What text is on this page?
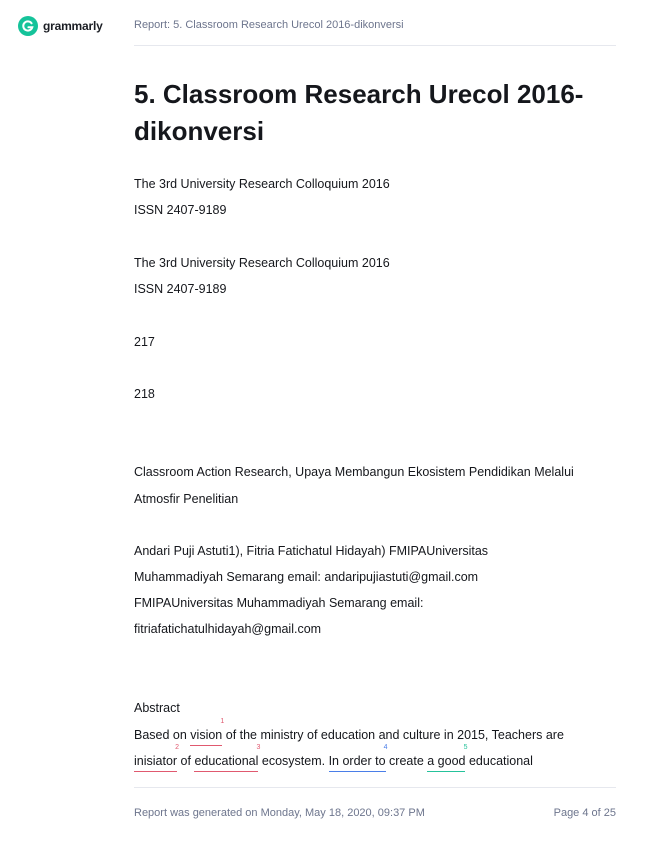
grammarly	Report: 5. Classroom Research Urecol 2016-dikonversi
5. Classroom Research Urecol 2016-dikonversi
The 3rd University Research Colloquium 2016
ISSN 2407-9189
The 3rd University Research Colloquium 2016
ISSN 2407-9189
217
218
Classroom Action Research, Upaya Membangun Ekosistem Pendidikan Melalui
Atmosfir Penelitian
Andari Puji Astuti1), Fitria Fatichatul Hidayah) FMIPAUniversitas
Muhammadiyah Semarang email: andaripujiastuti@gmail.com
FMIPAUniversitas Muhammadiyah Semarang email:
fitriafatichatulhidayah@gmail.com
Abstract
Based on vision
1
of the ministry of education and culture in 2015, Teachers are
inisiator
2
of educational
3
ecosystem. In order to
4
create a good
5
educational
Report was generated on Monday, May 18, 2020, 09:37 PM	Page 4 of 25
